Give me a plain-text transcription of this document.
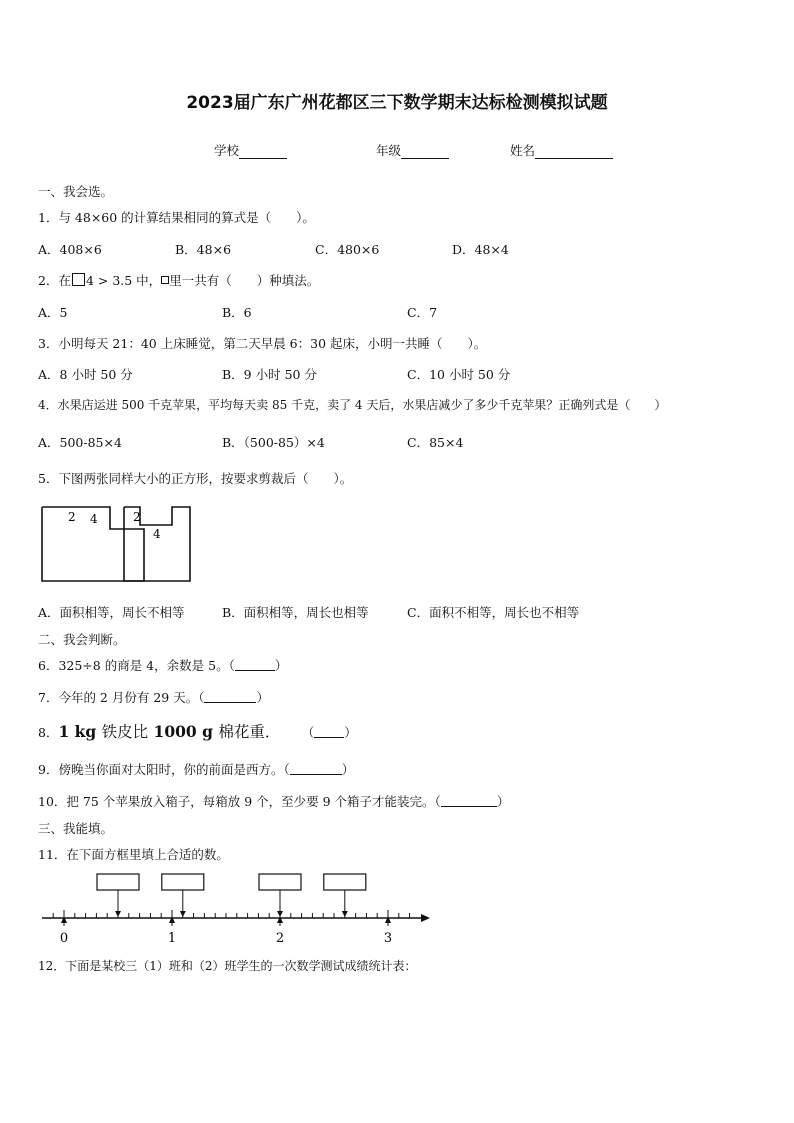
2023届广东广州花都区三下数学期末达标检测模拟试题
学校	年级	姓名
一、我会选。
1．与 48×60 的计算结果相同的算式是（　　）。
A．408×6	B．48×6	C．480×6	D．48×4
2．在 4 > 3.5 中， 里一共有（　　）种填法。
A．5	B．6	C．7
3．小明每天 21：40 上床睡觉，第二天早晨 6：30 起床，小明一共睡（　　）。
A．8 小时 50 分	B．9 小时 50 分	C．10 小时 50 分
4．水果店运进 500 千克苹果，平均每天卖 85 千克，卖了 4 天后，水果店减少了多少千克苹果？正确列式是（　　）
A．500-85×4	B．（500-85）×4	C．85×4
5．下图两张同样大小的正方形，按要求剪裁后（　　）。
2 4	2
4
A．面积相等，周长不相等	B．面积相等，周长也相等	C．面积不相等，周长也不相等
二、我会判断。
6．325÷8 的商是 4，余数是 5。（	）
7．今年的 2 月份有 29 天。（	）
8．1 kg 铁皮比 1000 g 棉花重． （ ）
9．傍晚当你面对太阳时，你的前面是西方。（	）
10．把 75 个苹果放入箱子，每箱放 9 个，至少要 9 个箱子才能装完。（	）
三、我能填。
11．在下面方框里填上合适的数。
0	1	2	3
12．下面是某校三（1）班和（2）班学生的一次数学测试成绩统计表：
